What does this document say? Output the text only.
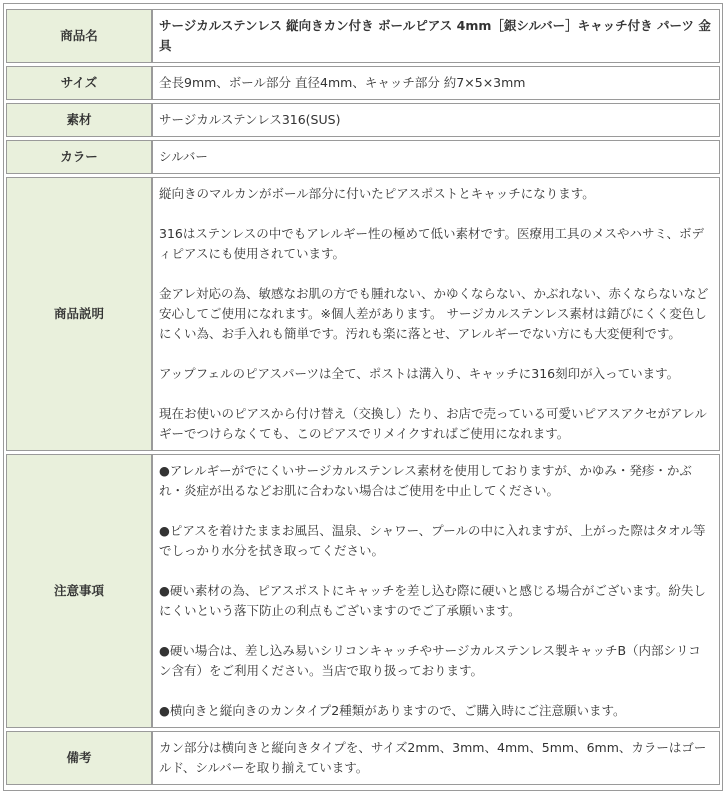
商品名	サージカルステンレス 縦向きカン付き ボールピアス 4mm［銀シルバー］キャッチ付き パーツ 金具
サイズ	全長9mm、ボール部分 直径4mm、キャッチ部分 約7×5×3mm
素材	サージカルステンレス316(SUS)
カラー	シルバー
商品説明	縦向きのマルカンがボール部分に付いたピアスポストとキャッチになります。
316はステンレスの中でもアレルギー性の極めて低い素材です。医療用工具のメスやハサミ、ボディピアスにも使用されています。
金アレ対応の為、敏感なお肌の方でも腫れない、かゆくならない、かぶれない、赤くならないなど安心してご使用になれます。※個人差があります。 サージカルステンレス素材は錆びにくく変色しにくい為、お手入れも簡単です。汚れも楽に落とせ、アレルギーでない方にも大変便利です。
アップフェルのピアスパーツは全て、ポストは溝入り、キャッチに316刻印が入っています。
現在お使いのピアスから付け替え（交換し）たり、お店で売っている可愛いピアスアクセがアレルギーでつけらなくても、このピアスでリメイクすればご使用になれます。

注意事項	●アレルギーがでにくいサージカルステンレス素材を使用しておりますが、かゆみ・発疹・かぶれ・炎症が出るなどお肌に合わない場合はご使用を中止してください。
●ピアスを着けたままお風呂、温泉、シャワー、プールの中に入れますが、上がった際はタオル等でしっかり水分を拭き取ってください。
●硬い素材の為、ピアスポストにキャッチを差し込む際に硬いと感じる場合がございます。紛失しにくいという落下防止の利点もございますのでご了承願います。
●硬い場合は、差し込み易いシリコンキャッチやサージカルステンレス製キャッチB（内部シリコン含有）をご利用ください。当店で取り扱っております。
●横向きと縦向きのカンタイプ2種類がありますので、ご購入時にご注意願います。

備考	カン部分は横向きと縦向きタイプを、サイズ2mm、3mm、4mm、5mm、6mm、カラーはゴールド、シルバーを取り揃えています。
